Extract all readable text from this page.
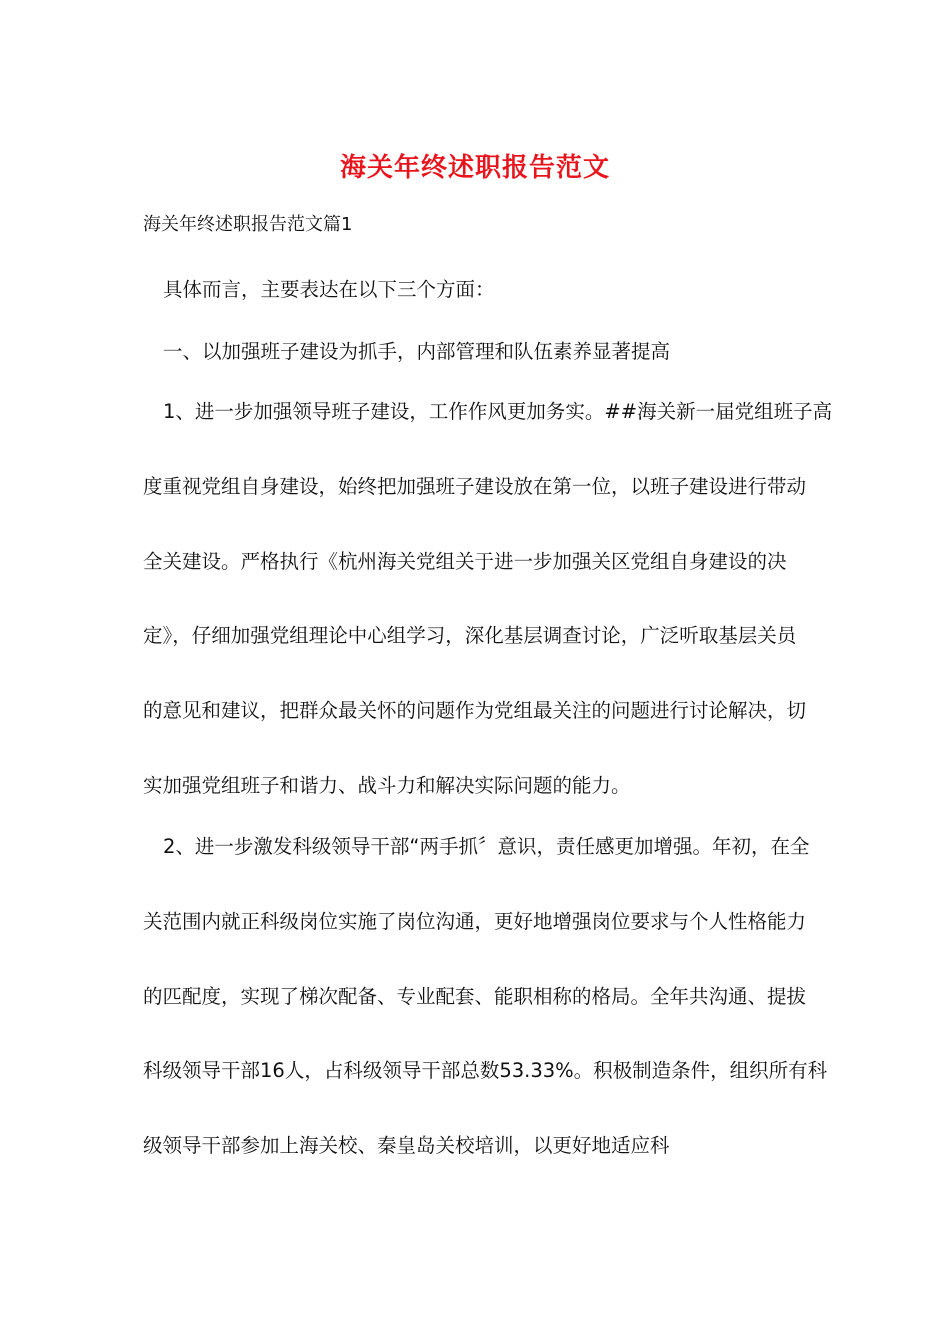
海关年终述职报告范文
海关年终述职报告范文篇1
具体而言，主要表达在以下三个方面：
一、以加强班子建设为抓手，内部管理和队伍素养显著提高
1、进一步加强领导班子建设，工作作风更加务实。##海关新一届党组班子高
度重视党组自身建设，始终把加强班子建设放在第一位，以班子建设进行带动
全关建设。严格执行《杭州海关党组关于进一步加强关区党组自身建设的决
定》，仔细加强党组理论中心组学习，深化基层调查讨论，广泛听取基层关员
的意见和建议，把群众最关怀的问题作为党组最关注的问题进行讨论解决，切
实加强党组班子和谐力、战斗力和解决实际问题的能力。
2、进一步激发科级领导干部“两手抓〞意识，责任感更加增强。年初，在全
关范围内就正科级岗位实施了岗位沟通，更好地增强岗位要求与个人性格能力
的匹配度，实现了梯次配备、专业配套、能职相称的格局。全年共沟通、提拔
科级领导干部16人，占科级领导干部总数53.33%。积极制造条件，组织所有科
级领导干部参加上海关校、秦皇岛关校培训，以更好地适应科
